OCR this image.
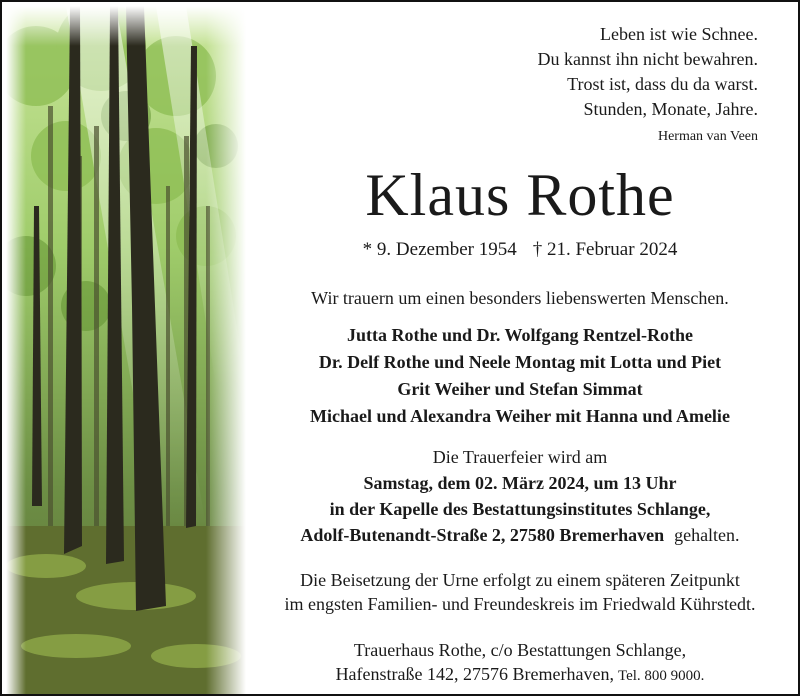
Leben ist wie Schnee.
Du kannst ihn nicht bewahren.
Trost ist, dass du da warst.
Stunden, Monate, Jahre.
Herman van Veen
Klaus Rothe
* 9. Dezember 1954 † 21. Februar 2024
Wir trauern um einen besonders liebenswerten Menschen.
Jutta Rothe und Dr. Wolfgang Rentzel-Rothe
Dr. Delf Rothe und Neele Montag mit Lotta und Piet
Grit Weiher und Stefan Simmat
Michael und Alexandra Weiher mit Hanna und Amelie
Die Trauerfeier wird am
Samstag, dem 02. März 2024, um 13 Uhr
in der Kapelle des Bestattungsinstitutes Schlange,
Adolf-Butenandt-Straße 2, 27580 Bremerhaven gehalten.
Die Beisetzung der Urne erfolgt zu einem späteren Zeitpunkt
im engsten Familien- und Freundeskreis im Friedwald Kührstedt.
Trauerhaus Rothe, c/o Bestattungen Schlange,
Hafenstraße 142, 27576 Bremerhaven, Tel. 800 9000.
